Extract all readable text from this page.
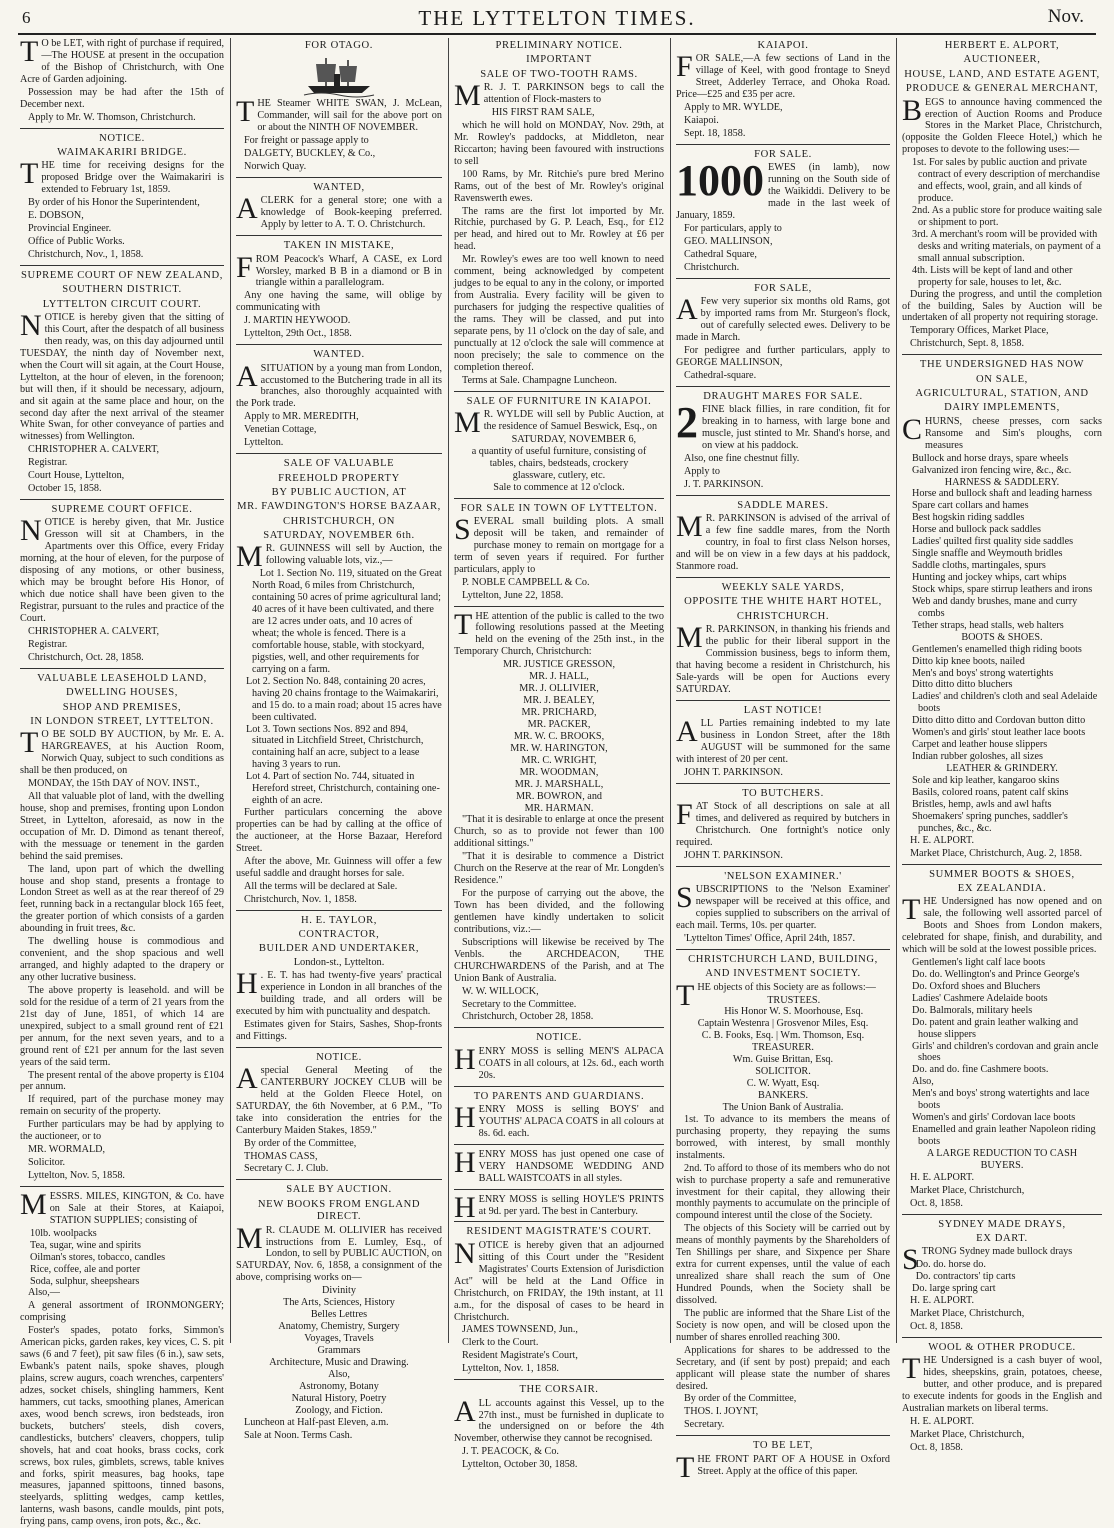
6	THE LYTTELTON TIMES.	Nov.

T O be LET, with right of purchase if required,—The HOUSE at present in the occupation of the Bishop of Christchurch, with One Acre of Garden adjoining.

Possession may be had after the 15th of December next.

Apply to Mr. W. Thomson, Christchurch.

NOTICE.
WAIMAKARIRI BRIDGE.

THE time for receiving designs for the proposed Bridge over the Waimakariri is extended to February 1st, 1859.

By order of his Honor the Superintendent,

E. DOBSON,

Provincial Engineer.

Office of Public Works.

Christchurch, Nov., 1, 1858.

SUPREME COURT OF NEW ZEALAND,
SOUTHERN DISTRICT.
LYTTELTON CIRCUIT COURT.

NOTICE is hereby given that the sitting of this Court, after the despatch of all business then ready, was, on this day adjourned until TUESDAY, the ninth day of November next, when the Court will sit again, at the Court House, Lyttelton, at the hour of eleven, in the forenoon; but will then, if it should be necessary, adjourn, and sit again at the same place and hour, on the second day after the next arrival of the steamer White Swan, for other conveyance of parties and witnesses) from Wellington.

CHRISTOPHER A. CALVERT,

Registrar.

Court House, Lyttelton,

October 15, 1858.

SUPREME COURT OFFICE.

NOTICE is hereby given, that Mr. Justice Gresson will sit at Chambers, in the Apartments over this Office, every Friday morning, at the hour of eleven, for the purpose of disposing of any motions, or other business, which may be brought before His Honor, of which due notice shall have been given to the Registrar, pursuant to the rules and practice of the Court.

CHRISTOPHER A. CALVERT,

Registrar.

Christchurch, Oct. 28, 1858.

VALUABLE LEASEHOLD LAND,
DWELLING HOUSES,
SHOP AND PREMISES,
IN LONDON STREET, LYTTELTON.

T O BE SOLD BY AUCTION, by Mr. E. A. HARGREAVES, at his Auction Room, Norwich Quay, subject to such conditions as shall be then produced, on

MONDAY, the 15th DAY of NOV. INST.,

All that valuable plot of land, with the dwelling house, shop and premises, fronting upon London Street, in Lyttelton, aforesaid, as now in the occupation of Mr. D. Dimond as tenant thereof, with the messuage or tenement in the garden behind the said premises.

The land, upon part of which the dwelling house and shop stand, presents a frontage to London Street as well as at the rear thereof of 29 feet, running back in a rectangular block 165 feet, the greater portion of which consists of a garden abounding in fruit trees, &c.

The dwelling house is commodious and convenient, and the shop spacious and well arranged, and highly adapted to the drapery or any other lucrative business.

The above property is leasehold. and will be sold for the residue of a term of 21 years from the 21st day of June, 1851, of which 14 are unexpired, subject to a small ground rent of £21 per annum, for the next seven years, and to a ground rent of £21 per annum for the last seven years of the said term.

The present rental of the above property is £104 per annum.

If required, part of the purchase money may remain on security of the property.

Further particulars may be had by applying to the auctioneer, or to

MR. WORMALD,

Solicitor.

Lyttelton, Nov. 5, 1858.

MESSRS. MILES, KINGTON, & Co. have on Sale at their Stores, at Kaiapoi, STATION SUPPLIES; consisting of

10lb. woolpacks
Tea, sugar, wine and spirits
Oilman's stores, tobacco, candles
Rice, coffee, ale and porter
Soda, sulphur, sheepshears

Also,—

A general assortment of IRONMONGERY; comprising

Foster's spades, potato forks, Simmon's American picks, garden rakes, key vices, C. S. pit saws (6 and 7 feet), pit saw files (6 in.), saw sets, Ewbank's patent nails, spoke shaves, plough plains, screw augurs, coach wrenches, carpenters' adzes, socket chisels, shingling hammers, Kent hammers, cut tacks, smoothing planes, American axes, wood bench screws, iron bedsteads, iron buckets, butchers' steels, dish covers, candlesticks, butchers' cleavers, choppers, tulip shovels, hat and coat hooks, brass cocks, cork screws, box rules, gimblets, screws, table knives and forks, spirit measures, bag hooks, tape measures, japanned spittoons, tinned basons, steelyards, splitting wedges, camp kettles, lanterns, wash basons, candle moulds, pint pots, frying pans, camp ovens, iron pots, &c., &c.

FOR OTAGO.

THE Steamer WHITE SWAN, J. McLean, Commander, will sail for the above port on or about the NINTH OF NOVEMBER.

For freight or passage apply to

DALGETY, BUCKLEY, & Co.,

Norwich Quay.

WANTED,

A CLERK for a general store; one with a knowledge of Book-keeping preferred. Apply by letter to A. T. O. Christchurch.

TAKEN IN MISTAKE,

FROM Peacock's Wharf, A CASE, ex Lord Worsley, marked B B in a diamond or B in triangle within a parallelogram.

Any one having the same, will oblige by communicating with

J. MARTIN HEYWOOD.

Lyttelton, 29th Oct., 1858.

WANTED.

A SITUATION by a young man from London, accustomed to the Butchering trade in all its branches, also thoroughly acquainted with the Pork trade.

Apply to MR. MEREDITH,

Venetian Cottage,

Lyttelton.

SALE OF VALUABLE
FREEHOLD PROPERTY
BY PUBLIC AUCTION, AT
MR. FAWDINGTON'S HORSE BAZAAR,
CHRISTCHURCH, ON
SATURDAY, NOVEMBER 6th.

M R. GUINNESS will sell by Auction, the following valuable lots, viz.,—

Lot 1. Section No. 119, situated on the Great North Road, 6 miles from Christchurch, containing 50 acres of prime agricultural land; 40 acres of it have been cultivated, and there are 12 acres under oats, and 10 acres of wheat; the whole is fenced. There is a comfortable house, stable, with stockyard, pigsties, well, and other requirements for carrying on a farm.
Lot 2. Section No. 848, containing 20 acres, having 20 chains frontage to the Waimakariri, and 15 do. to a main road; about 15 acres have been cultivated.
Lot 3. Town sections Nos. 892 and 894, situated in Litchfield Street, Christchurch, containing half an acre, subject to a lease having 3 years to run.
Lot 4. Part of section No. 744, situated in Hereford street, Christchurch, containing one-eighth of an acre.

Further particulars concerning the above properties can be had by calling at the office of the auctioneer, at the Horse Bazaar, Hereford Street.

After the above, Mr. Guinness will offer a few useful saddle and draught horses for sale.

All the terms will be declared at Sale.

Christchurch, Nov. 1, 1858.

H. E. TAYLOR,
CONTRACTOR,
BUILDER AND UNDERTAKER,
London-st., Lyttelton.

H . E. T. has had twenty-five years' practical experience in London in all branches of the building trade, and all orders will be executed by him with punctuality and despatch.

Estimates given for Stairs, Sashes, Shop-fronts and Fittings.

NOTICE.

A special General Meeting of the CANTERBURY JOCKEY CLUB will be held at the Golden Fleece Hotel, on SATURDAY, the 6th November, at 6 P.M., "To take into consideration the entries for the Canterbury Maiden Stakes, 1859."

By order of the Committee,

THOMAS CASS,

Secretary C. J. Club.

SALE BY AUCTION.
NEW BOOKS FROM ENGLAND DIRECT.

M R. CLAUDE M. OLLIVIER has received instructions from E. Lumley, Esq., of London, to sell by PUBLIC AUCTION, on SATURDAY, Nov. 6, 1858, a consignment of the above, comprising works on—

Divinity
The Arts, Sciences, History
Belles Lettres
Anatomy, Chemistry, Surgery
Voyages, Travels
Grammars
Architecture, Music and Drawing.
Also,
Astronomy, Botany
Natural History, Poetry
Zoology, and Fiction.

Luncheon at Half-past Eleven, a.m.

Sale at Noon. Terms Cash.

PRELIMINARY NOTICE.
IMPORTANT
SALE OF TWO-TOOTH RAMS.

M R. J. T. PARKINSON begs to call the attention of Flock-masters to

HIS FIRST RAM SALE,

which he will hold on MONDAY, Nov. 29th, at Mr. Rowley's paddocks, at Middleton, near Riccarton; having been favoured with instructions to sell

100 Rams, by Mr. Ritchie's pure bred Merino Rams, out of the best of Mr. Rowley's original Ravenswerth ewes.

The rams are the first lot imported by Mr. Ritchie, purchased by G. P. Leach, Esq., for £12 per head, and hired out to Mr. Rowley at £6 per head.

Mr. Rowley's ewes are too well known to need comment, being acknowledged by competent judges to be equal to any in the colony, or imported from Australia. Every facility will be given to purchasers for judging the respective qualities of the rams. They will be classed, and put into separate pens, by 11 o'clock on the day of sale, and punctually at 12 o'clock the sale will commence at noon precisely; the sale to commence on the completion thereof.

Terms at Sale. Champagne Luncheon.

SALE OF FURNITURE IN KAIAPOI.

M R. WYLDE will sell by Public Auction, at the residence of Samuel Beswick, Esq., on

SATURDAY, NOVEMBER 6,
a quantity of useful furniture, consisting of
tables, chairs, bedsteads, crockery
glassware, cutlery, etc.
Sale to commence at 12 o'clock.
FOR SALE IN TOWN OF LYTTELTON.

SEVERAL small building plots. A small deposit will be taken, and remainder of purchase money to remain on mortgage for a term of seven years if required. For further particulars, apply to

P. NOBLE CAMPBELL & Co.

Lyttelton, June 22, 1858.

THE attention of the public is called to the two following resolutions passed at the Meeting held on the evening of the 25th inst., in the Temporary Church, Christchurch:

MR. JUSTICE GRESSON,
MR. J. HALL,
MR. J. OLLIVIER,
MR. J. BEALEY,
MR. PRICHARD,
MR. PACKER,
MR. W. C. BROOKS,
MR. W. HARINGTON,
MR. C. WRIGHT,
MR. WOODMAN,
MR. J. MARSHALL,
MR. BOWRON, and
MR. HARMAN.

"That it is desirable to enlarge at once the present Church, so as to provide not fewer than 100 additional sittings."

"That it is desirable to commence a District Church on the Reserve at the rear of Mr. Longden's Residence."

For the purpose of carrying out the above, the Town has been divided, and the following gentlemen have kindly undertaken to solicit contributions, viz.:—

Subscriptions will likewise be received by The Venbls. the ARCHDEACON, THE CHURCHWARDENS of the Parish, and at The Union Bank of Australia.

W. W. WILLOCK,

Secretary to the Committee.

Christchurch, October 28, 1858.

NOTICE.

HENRY MOSS is selling MEN'S ALPACA COATS in all colours, at 12s. 6d., each worth 20s.

TO PARENTS AND GUARDIANS.

HENRY MOSS is selling BOYS' and YOUTHS' ALPACA COATS in all colours at 8s. 6d. each.

HENRY MOSS has just opened one case of VERY HANDSOME WEDDING AND BALL WAISTCOATS in all styles.

HENRY MOSS is selling HOYLE'S PRINTS at 9d. per yard. The best in Canterbury.

RESIDENT MAGISTRATE'S COURT.

NOTICE is hereby given that an adjourned sitting of this Court under the "Resident Magistrates' Courts Extension of Jurisdiction Act" will be held at the Land Office in Christchurch, on FRIDAY, the 19th instant, at 11 a.m., for the disposal of cases to be heard in Christchurch.

JAMES TOWNSEND, Jun.,

Clerk to the Court.

Resident Magistrate's Court,

Lyttelton, Nov. 1, 1858.

THE CORSAIR.

ALL accounts against this Vessel, up to the 27th inst., must be furnished in duplicate to the undersigned on or before the 4th November, otherwise they cannot be recognised.

J. T. PEACOCK, & Co.

Lyttelton, October 30, 1858.

KAIAPOI.

FOR SALE,—A few sections of Land in the village of Keel, with good frontage to Sneyd Street, Adderley Terrace, and Ohoka Road. Price—£25 and £35 per acre.

Apply to MR. WYLDE,

Kaiapoi.

Sept. 18, 1858.

FOR SALE.

1000 EWES (in lamb), now running on the South side of the Waikiddi. Delivery to be made in the last week of January, 1859.

For particulars, apply to

GEO. MALLINSON,

Cathedral Square,

Christchurch.

FOR SALE,

A Few very superior six months old Rams, got by imported rams from Mr. Sturgeon's flock, out of carefully selected ewes. Delivery to be made in March.

For pedigree and further particulars, apply to GEORGE MALLINSON,

Cathedral-square.

DRAUGHT MARES FOR SALE.

2 FINE black fillies, in rare condition, fit for breaking in to harness, with large bone and muscle, just stinted to Mr. Shand's horse, and on view at his paddock.

Also, one fine chestnut filly.

Apply to

J. T. PARKINSON.

SADDLE MARES.

M R. PARKINSON is advised of the arrival of a few fine saddle mares, from the North country, in foal to first class Nelson horses, and will be on view in a few days at his paddock, Stanmore road.

WEEKLY SALE YARDS,
OPPOSITE THE WHITE HART HOTEL,
CHRISTCHURCH.

M R. PARKINSON, in thanking his friends and the public for their liberal support in the Commission business, begs to inform them, that having become a resident in Christchurch, his Sale-yards will be open for Auctions every SATURDAY.

LAST NOTICE!

ALL Parties remaining indebted to my late business in London Street, after the 18th AUGUST will be summoned for the same with interest of 20 per cent.

JOHN T. PARKINSON.

TO BUTCHERS.

FAT Stock of all descriptions on sale at all times, and delivered as required by butchers in Christchurch. One fortnight's notice only required.

JOHN T. PARKINSON.

'NELSON EXAMINER.'

SUBSCRIPTIONS to the 'Nelson Examiner' newspaper will be received at this office, and copies supplied to subscribers on the arrival of each mail. Terms, 10s. per quarter.

'Lyttelton Times' Office, April 24th, 1857.

CHRISTCHURCH LAND, BUILDING,
AND INVESTMENT SOCIETY.

THE objects of this Society are as follows:—

TRUSTEES.
His Honor W. S. Moorhouse, Esq.
Captain Westenra | Grosvenor Miles, Esq.
C. B. Fooks, Esq. | Wm. Thomson, Esq.
TREASURER.
Wm. Guise Brittan, Esq.
SOLICITOR.
C. W. Wyatt, Esq.
BANKERS.
The Union Bank of Australia.

1st. To advance to its members the means of purchasing property, they repaying the sums borrowed, with interest, by small monthly instalments.

2nd. To afford to those of its members who do not wish to purchase property a safe and remunerative investment for their capital, they allowing their monthly payments to accumulate on the principle of compound interest until the close of the Society.

The objects of this Society will be carried out by means of monthly payments by the Shareholders of Ten Shillings per share, and Sixpence per Share extra for current expenses, until the value of each unrealized share shall reach the sum of One Hundred Pounds, when the Society shall be dissolved.

The public are informed that the Share List of the Society is now open, and will be closed upon the number of shares enrolled reaching 300.

Applications for shares to be addressed to the Secretary, and (if sent by post) prepaid; and each applicant will please state the number of shares desired.

By order of the Committee,

THOS. I. JOYNT,

Secretary.

TO BE LET,

THE FRONT PART OF A HOUSE in Oxford Street. Apply at the office of this paper.

HERBERT E. ALPORT,
AUCTIONEER,
HOUSE, LAND, AND ESTATE AGENT,
PRODUCE & GENERAL MERCHANT,

BEGS to announce having commenced the erection of Auction Rooms and Produce Stores in the Market Place, Christchurch, (opposite the Golden Fleece Hotel,) which he proposes to devote to the following uses:—

1st. For sales by public auction and private contract of every description of merchandise and effects, wool, grain, and all kinds of produce.
2nd. As a public store for produce waiting sale or shipment to port.
3rd. A merchant's room will be provided with desks and writing materials, on payment of a small annual subscription.
4th. Lists will be kept of land and other property for sale, houses to let, &c.

During the progress, and until the completion of the building, Sales by Auction will be undertaken of all property not requiring storage.

Temporary Offices, Market Place,

Christchurch, Sept. 8, 1858.

THE UNDERSIGNED HAS NOW
ON SALE,
AGRICULTURAL, STATION, AND
DAIRY IMPLEMENTS,

CHURNS, cheese presses, corn sacks Ransome and Sim's ploughs, corn measures

Bullock and horse drays, spare wheels
Galvanized iron fencing wire, &c., &c.
HARNESS & SADDLERY.
Horse and bullock shaft and leading harness
Spare cart collars and hames
Best hogskin riding saddles
Horse and bullock pack saddles
Ladies' quilted first quality side saddles
Single snaffle and Weymouth bridles
Saddle cloths, martingales, spurs
Hunting and jockey whips, cart whips
Stock whips, spare stirrup leathers and irons
Web and dandy brushes, mane and curry combs
Tether straps, head stalls, web halters
BOOTS & SHOES.
Gentlemen's enamelled thigh riding boots
Ditto kip knee boots, nailed
Men's and boys' strong watertights
Ditto ditto ditto bluchers
Ladies' and children's cloth and seal Adelaide boots
Ditto ditto ditto and Cordovan button ditto
Women's and girls' stout leather lace boots
Carpet and leather house slippers
Indian rubber goloshes, all sizes
LEATHER & GRINDERY.
Sole and kip leather, kangaroo skins
Basils, colored roans, patent calf skins
Bristles, hemp, awls and awl hafts
Shoemakers' spring punches, saddler's punches, &c., &c.

H. E. ALPORT.

Market Place, Christchurch, Aug. 2, 1858.

SUMMER BOOTS & SHOES,
EX ZEALANDIA.

THE Undersigned has now opened and on sale, the following well assorted parcel of Boots and Shoes from London makers, celebrated for shape, finish, and durability, and which will be sold at the lowest possible prices.

Gentlemen's light calf lace boots
Do. do. Wellington's and Prince George's
Do. Oxford shoes and Bluchers
Ladies' Cashmere Adelaide boots
Do. Balmorals, military heels
Do. patent and grain leather walking and house slippers
Girls' and children's cordovan and grain ancle shoes
Do. and do. fine Cashmere boots.
Also,
Men's and boys' strong watertights and lace boots
Women's and girls' Cordovan lace boots
Enamelled and grain leather Napoleon riding boots
A LARGE REDUCTION TO CASH
BUYERS.

H. E. ALPORT.

Market Place, Christchurch,

Oct. 8, 1858.

SYDNEY MADE DRAYS,
EX DART.

STRONG Sydney made bullock drays

Do. do. horse do.
Do. contractors' tip carts
Do. large spring cart

H. E. ALPORT.

Market Place, Christchurch,

Oct. 8, 1858.

WOOL & OTHER PRODUCE.

THE Undersigned is a cash buyer of wool, hides, sheepskins, grain, potatoes, cheese, butter, and other produce, and is prepared to execute indents for goods in the English and Australian markets on liberal terms.

H. E. ALPORT.

Market Place, Christchurch,

Oct. 8, 1858.
